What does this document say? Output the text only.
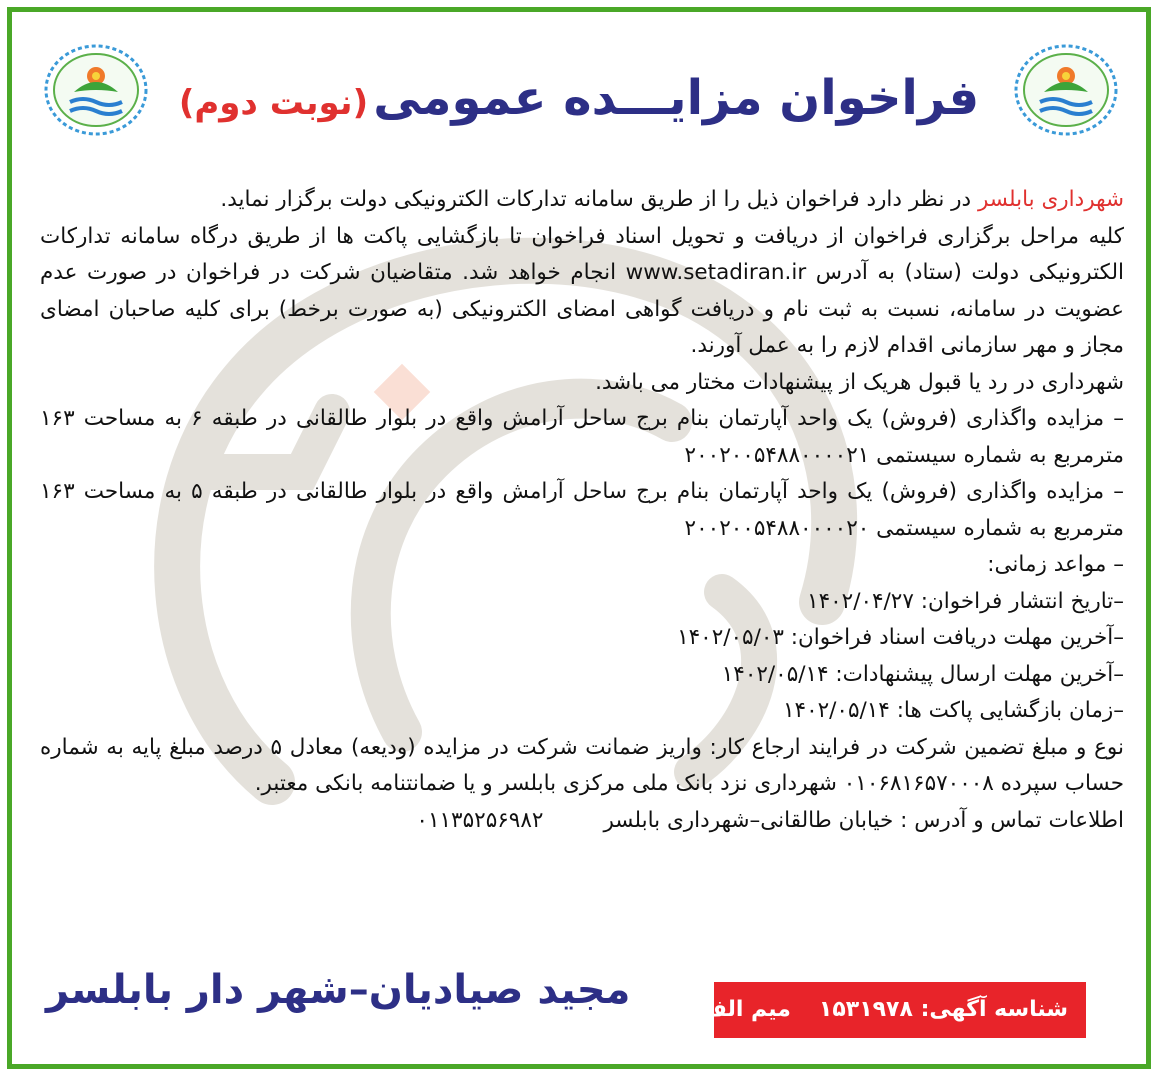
فراخوان مزایـــده عمومی (نوبت دوم)

شهرداری بابلسر در نظر دارد فراخوان ذیل را از طریق سامانه تدارکات الکترونیکی دولت برگزار نماید.

کلیه مراحل برگزاری فراخوان از دریافت و تحویل اسناد فراخوان تا بازگشایی پاکت ها از طریق درگاه سامانه تدارکات الکترونیکی دولت (ستاد) به آدرس www.setadiran.ir انجام خواهد شد. متقاضیان شرکت در فراخوان در صورت عدم عضویت در سامانه، نسبت به ثبت نام و دریافت گواهی امضای الکترونیکی (به صورت برخط) برای کلیه صاحبان امضای مجاز و مهر سازمانی اقدام لازم را به عمل آورند.

شهرداری در رد یا قبول هریک از پیشنهادات مختار می باشد.

– مزایده واگذاری (فروش) یک واحد آپارتمان بنام برج ساحل آرامش واقع در بلوار طالقانی در طبقه ۶ به مساحت ۱۶۳ مترمربع به شماره سیستمی ۲۰۰۲۰۰۵۴۸۸۰۰۰۰۲۱

– مزایده واگذاری (فروش) یک واحد آپارتمان بنام برج ساحل آرامش واقع در بلوار طالقانی در طبقه ۵ به مساحت ۱۶۳ مترمربع به شماره سیستمی ۲۰۰۲۰۰۵۴۸۸۰۰۰۰۲۰

– مواعد زمانی:

–تاریخ انتشار فراخوان: ۱۴۰۲/۰۴/۲۷

–آخرین مهلت دریافت اسناد فراخوان: ۱۴۰۲/۰۵/۰۳

–آخرین مهلت ارسال پیشنهادات: ۱۴۰۲/۰۵/۱۴

–زمان بازگشایی پاکت ها: ۱۴۰۲/۰۵/۱۴

نوع و مبلغ تضمین شرکت در فرایند ارجاع کار: واریز ضمانت شرکت در مزایده (ودیعه) معادل ۵ درصد مبلغ پایه به شماره حساب سپرده ۰۱۰۶۸۱۶۵۷۰۰۰۸ شهرداری نزد بانک ملی مرکزی بابلسر و یا ضمانتنامه بانکی معتبر.

اطلاعات تماس و آدرس : خیابان طالقانی–شهرداری بابلسر۰۱۱۳۵۲۵۶۹۸۲

مجید صیادیان–شهر دار بابلسر	شناسه آگهی: ۱۵۳۱۹۷۸میم الف–۱
